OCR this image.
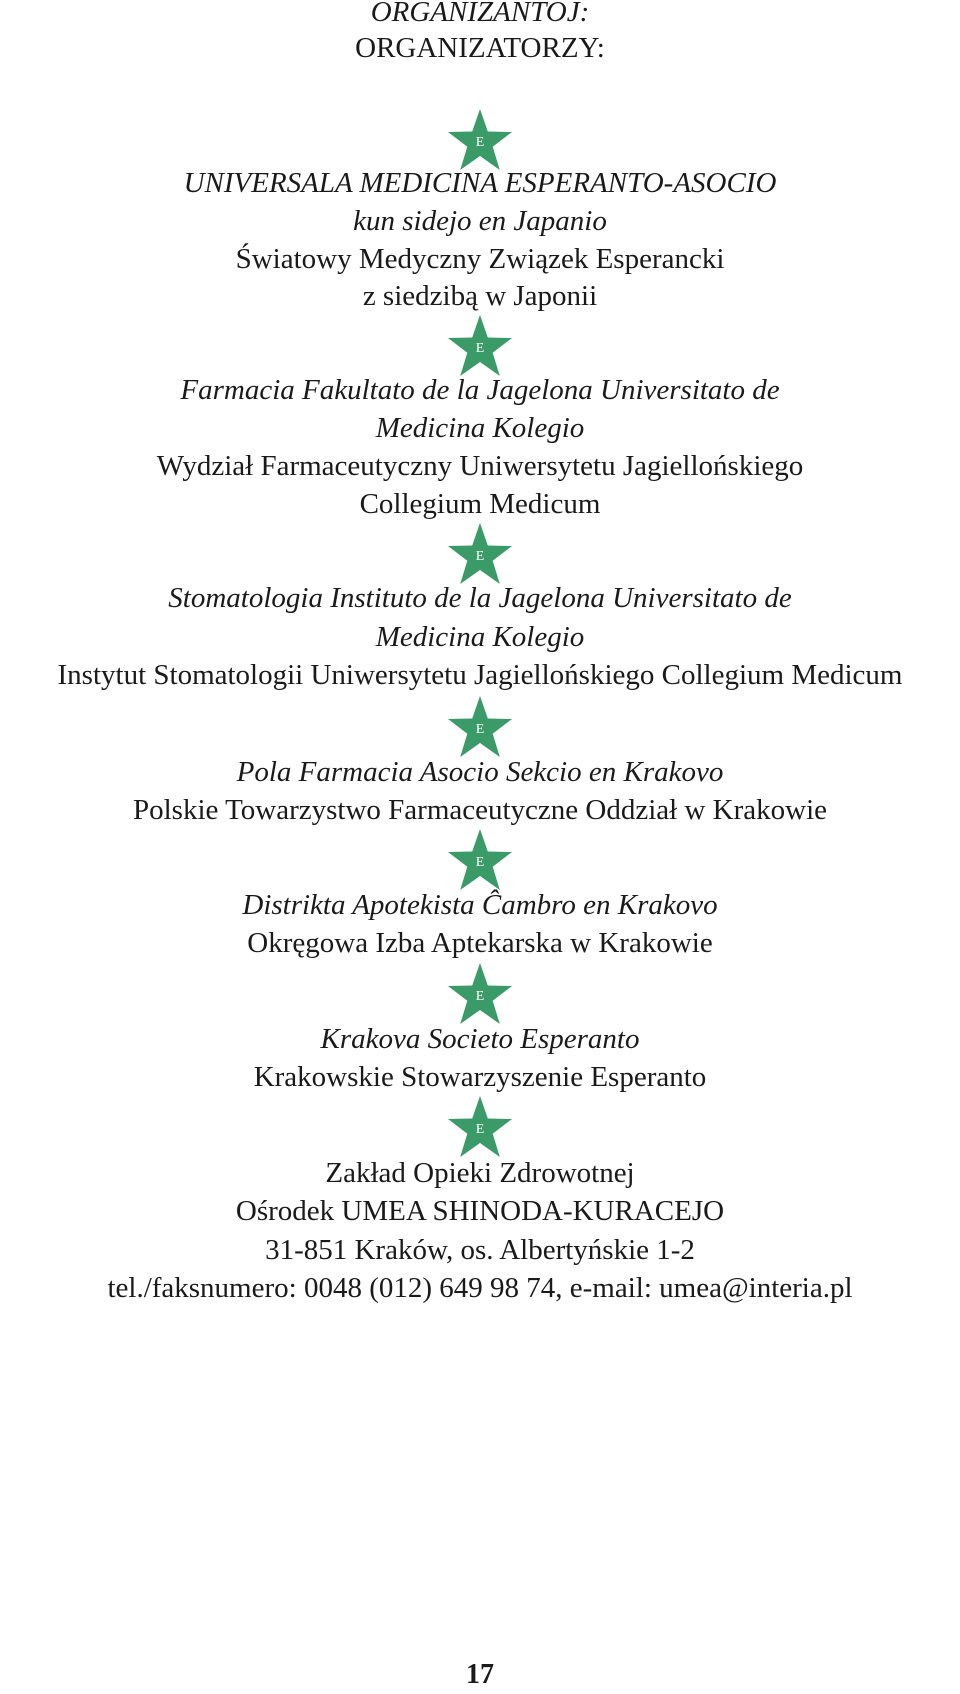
ORGANIZANTOJ:
ORGANIZATORZY:
E
UNIVERSALA MEDICINA ESPERANTO-ASOCIO
kun sidejo en Japanio
Światowy Medyczny Związek Esperancki
z siedzibą w Japonii
E
Farmacia Fakultato de la Jagelona Universitato de
Medicina Kolegio
Wydział Farmaceutyczny Uniwersytetu Jagiellońskiego
Collegium Medicum
E
Stomatologia Instituto de la Jagelona Universitato de
Medicina Kolegio
Instytut Stomatologii Uniwersytetu Jagiellońskiego Collegium Medicum
E
Pola Farmacia Asocio Sekcio en Krakovo
Polskie Towarzystwo Farmaceutyczne Oddział w Krakowie
E
Distrikta Apotekista Ĉambro en Krakovo
Okręgowa Izba Aptekarska w Krakowie
E
Krakova Societo Esperanto
Krakowskie Stowarzyszenie Esperanto
E
Zakład Opieki Zdrowotnej
Ośrodek UMEA SHINODA-KURACEJO
31-851 Kraków, os. Albertyńskie 1-2
tel./faksnumero: 0048 (012) 649 98 74, e-mail: umea@interia.pl
17
